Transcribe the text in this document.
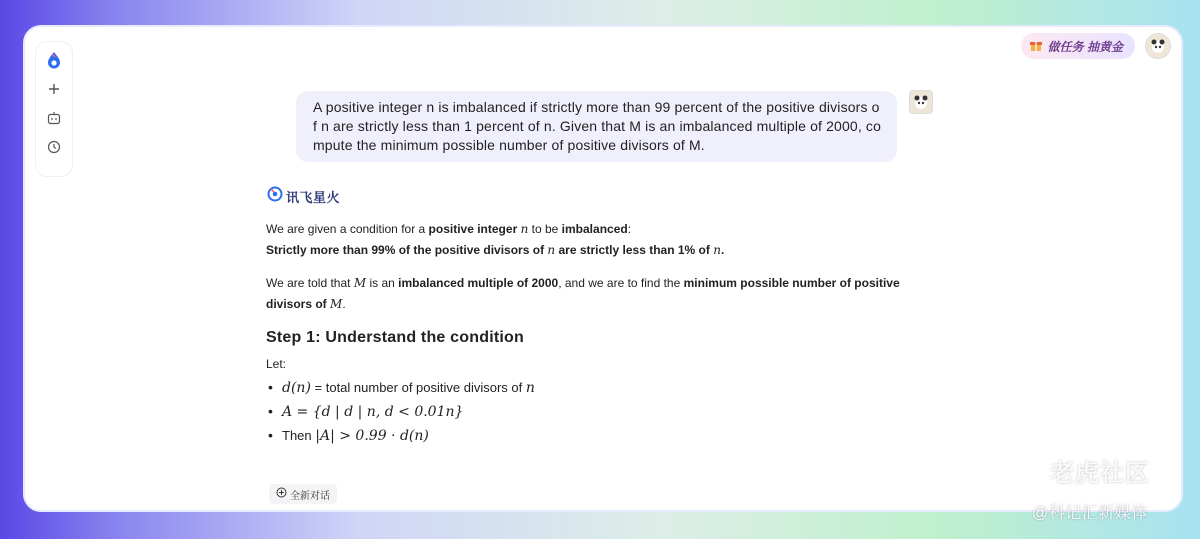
做任务 抽黄金
A positive integer n is imbalanced if strictly more than 99 percent of the positive divisors of n are strictly less than 1 percent of n. Given that M is an imbalanced multiple of 2000, compute the minimum possible number of positive divisors of M.
讯飞星火
We are given a condition for a positive integer n to be imbalanced:
Strictly more than 99% of the positive divisors of n are strictly less than 1% of n.
We are told that M is an imbalanced multiple of 2000, and we are to find the minimum possible number of positive divisors of M.
Step 1: Understand the condition
Let:
• d(n) = total number of positive divisors of n
• A = {d | d | n, d < 0.01n}
• Then |A| > 0.99 · d(n)
全新对话
老虎社区
@科记汇新媒体
